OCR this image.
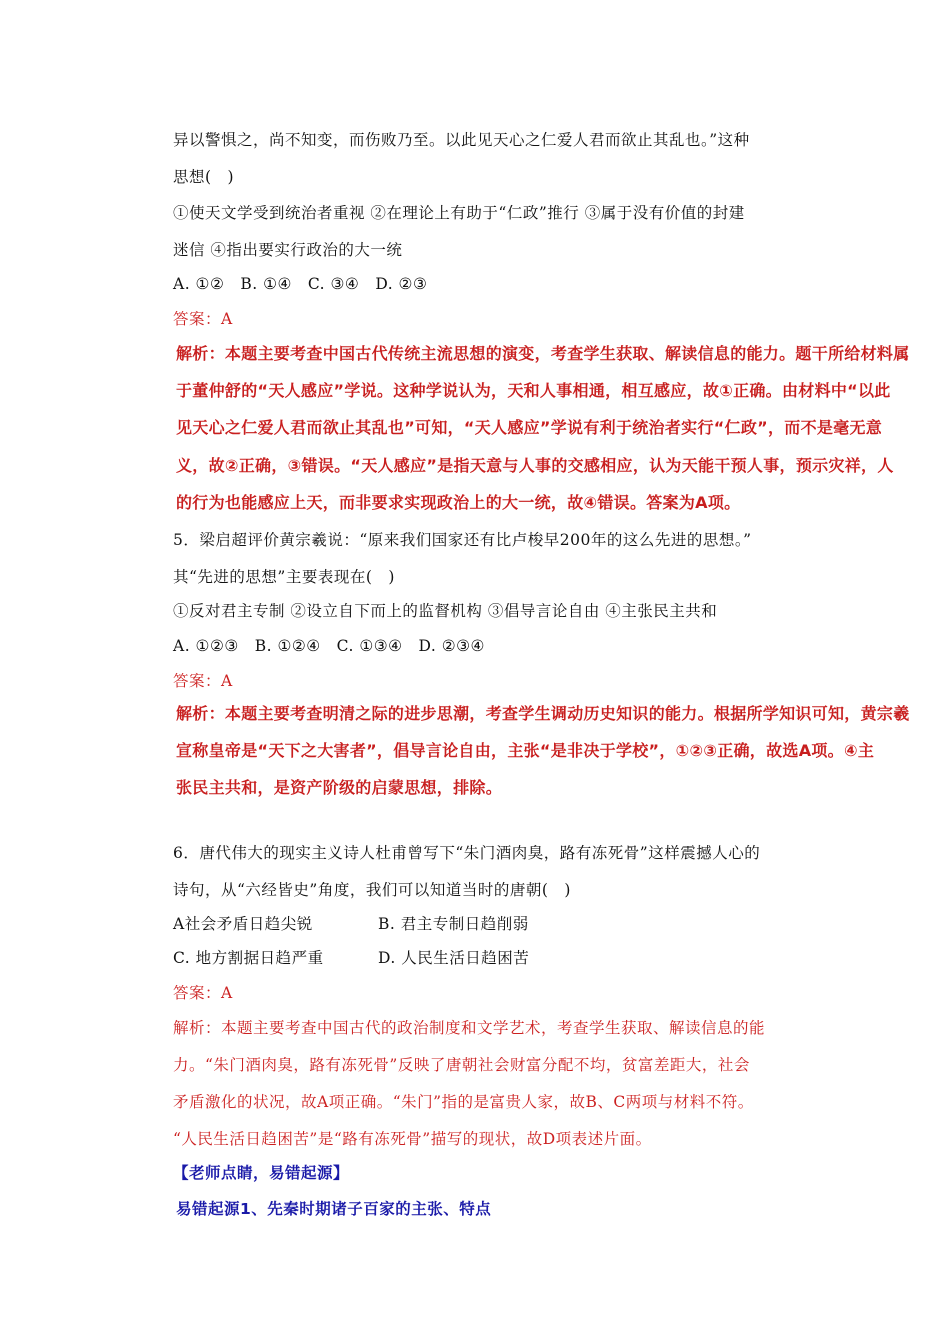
异以警惧之，尚不知变，而伤败乃至。以此见天心之仁爱人君而欲止其乱也。”这种
思想(　)
①使天文学受到统治者重视 ②在理论上有助于“仁政”推行 ③属于没有价值的封建
迷信 ④指出要实行政治的大一统
A. ①②　B. ①④　C. ③④　D. ②③
答案：A
解析：本题主要考查中国古代传统主流思想的演变，考查学生获取、解读信息的能力。题干所给材料属
于董仲舒的“天人感应”学说。这种学说认为，天和人事相通，相互感应，故①正确。由材料中“以此
见天心之仁爱人君而欲止其乱也”可知，“天人感应”学说有利于统治者实行“仁政”，而不是毫无意
义，故②正确，③错误。“天人感应”是指天意与人事的交感相应，认为天能干预人事，预示灾祥，人
的行为也能感应上天，而非要求实现政治上的大一统，故④错误。答案为A项。
5．梁启超评价黄宗羲说：“原来我们国家还有比卢梭早200年的这么先进的思想。”
其“先进的思想”主要表现在(　)
①反对君主专制 ②设立自下而上的监督机构 ③倡导言论自由 ④主张民主共和
A. ①②③　B. ①②④　C. ①③④　D. ②③④
答案：A
解析：本题主要考查明清之际的进步思潮，考查学生调动历史知识的能力。根据所学知识可知，黄宗羲
宣称皇帝是“天下之大害者”，倡导言论自由，主张“是非决于学校”，①②③正确，故选A项。④主
张民主共和，是资产阶级的启蒙思想，排除。
6．唐代伟大的现实主义诗人杜甫曾写下“朱门酒肉臭，路有冻死骨”这样震撼人心的
诗句，从“六经皆史”角度，我们可以知道当时的唐朝(　)
A社会矛盾日趋尖锐	B. 君主专制日趋削弱
C. 地方割据日趋严重	D. 人民生活日趋困苦
答案：A
解析：本题主要考查中国古代的政治制度和文学艺术，考查学生获取、解读信息的能
力。“朱门酒肉臭，路有冻死骨”反映了唐朝社会财富分配不均，贫富差距大，社会
矛盾激化的状况，故A项正确。“朱门”指的是富贵人家，故B、C两项与材料不符。
“人民生活日趋困苦”是“路有冻死骨”描写的现状，故D项表述片面。
【老师点睛，易错起源】
易错起源1、先秦时期诸子百家的主张、特点
